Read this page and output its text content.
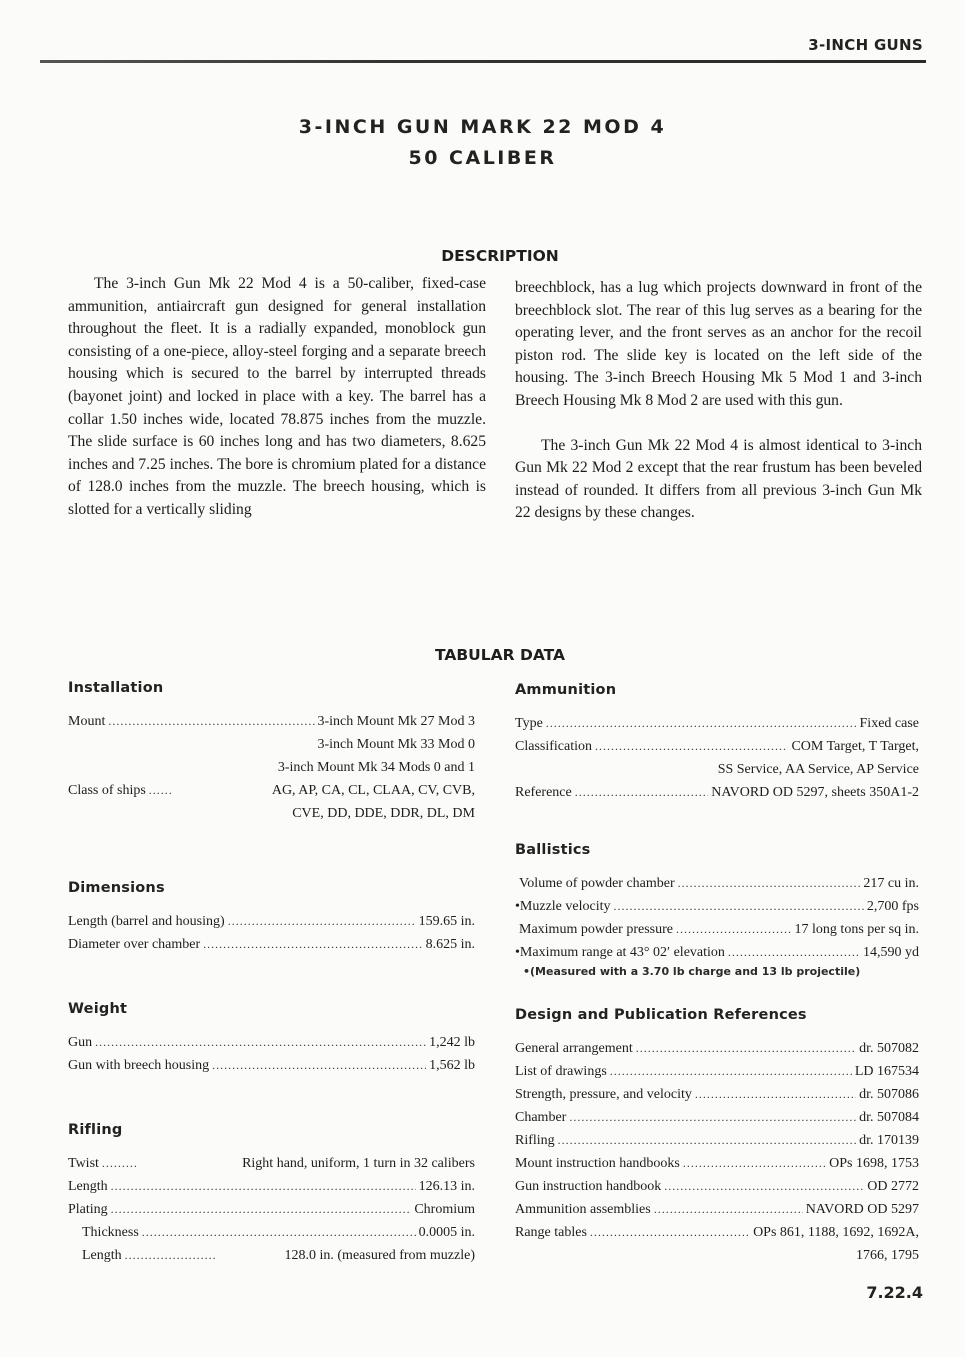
3-INCH GUNS
3-INCH GUN MARK 22 MOD 4
50 CALIBER
DESCRIPTION

The 3-inch Gun Mk 22 Mod 4 is a 50-caliber, fixed-case ammunition, antiaircraft gun designed for general installation throughout the fleet. It is a radially expanded, monoblock gun consisting of a one-piece, alloy-steel forging and a separate breech housing which is secured to the barrel by interrupted threads (bayonet joint) and locked in place with a key. The barrel has a collar 1.50 inches wide, located 78.875 inches from the muzzle. The slide surface is 60 inches long and has two diameters, 8.625 inches and 7.25 inches. The bore is chromium plated for a distance of 128.0 inches from the muzzle. The breech housing, which is slotted for a vertically sliding

breechblock, has a lug which projects downward in front of the breechblock slot. The rear of this lug serves as a bearing for the operating lever, and the front serves as an anchor for the recoil piston rod. The slide key is located on the left side of the housing. The 3-inch Breech Housing Mk 5 Mod 1 and 3-inch Breech Housing Mk 8 Mod 2 are used with this gun.

The 3-inch Gun Mk 22 Mod 4 is almost identical to 3-inch Gun Mk 22 Mod 2 except that the rear frustum has been beveled instead of rounded. It differs from all previous 3-inch Gun Mk 22 designs by these changes.

TABULAR DATA
Installation
Mount .....	3-inch Mount Mk 27 Mod 3
3-inch Mount Mk 33 Mod 0
3-inch Mount Mk 34 Mods 0 and 1
Class of ships .....	AG, AP, CA, CL, CLAA, CV, CVB,
CVE, DD, DDE, DDR, DL, DM
Dimensions
Length (barrel and housing) .....	159.65 in.
Diameter over chamber .....	8.625 in.
Weight
Gun .....	1,242 lb
Gun with breech housing .....	1,562 lb
Rifling
Twist .....	Right hand, uniform, 1 turn in 32 calibers
Length .....	126.13 in.
Plating .....	Chromium
Thickness .....	0.0005 in.
Length .....	128.0 in. (measured from muzzle)
Ammunition
Type .....	Fixed case
Classification .....	COM Target, T Target,
SS Service, AA Service, AP Service
Reference .....	NAVORD OD 5297, sheets 350A1-2
Ballistics
Volume of powder chamber .....	217 cu in.
•Muzzle velocity .....	2,700 fps
Maximum powder pressure .....	17 long tons per sq in.
•Maximum range at 43° 02′ elevation .....	14,590 yd
•(Measured with a 3.70 lb charge and 13 lb projectile)
Design and Publication References
General arrangement .....	dr. 507082
List of drawings .....	LD 167534
Strength, pressure, and velocity .....	dr. 507086
Chamber .....	dr. 507084
Rifling .....	dr. 170139
Mount instruction handbooks .....	OPs 1698, 1753
Gun instruction handbook .....	OD 2772
Ammunition assemblies .....	NAVORD OD 5297
Range tables .....	OPs 861, 1188, 1692, 1692A,
1766, 1795
7.22.4
